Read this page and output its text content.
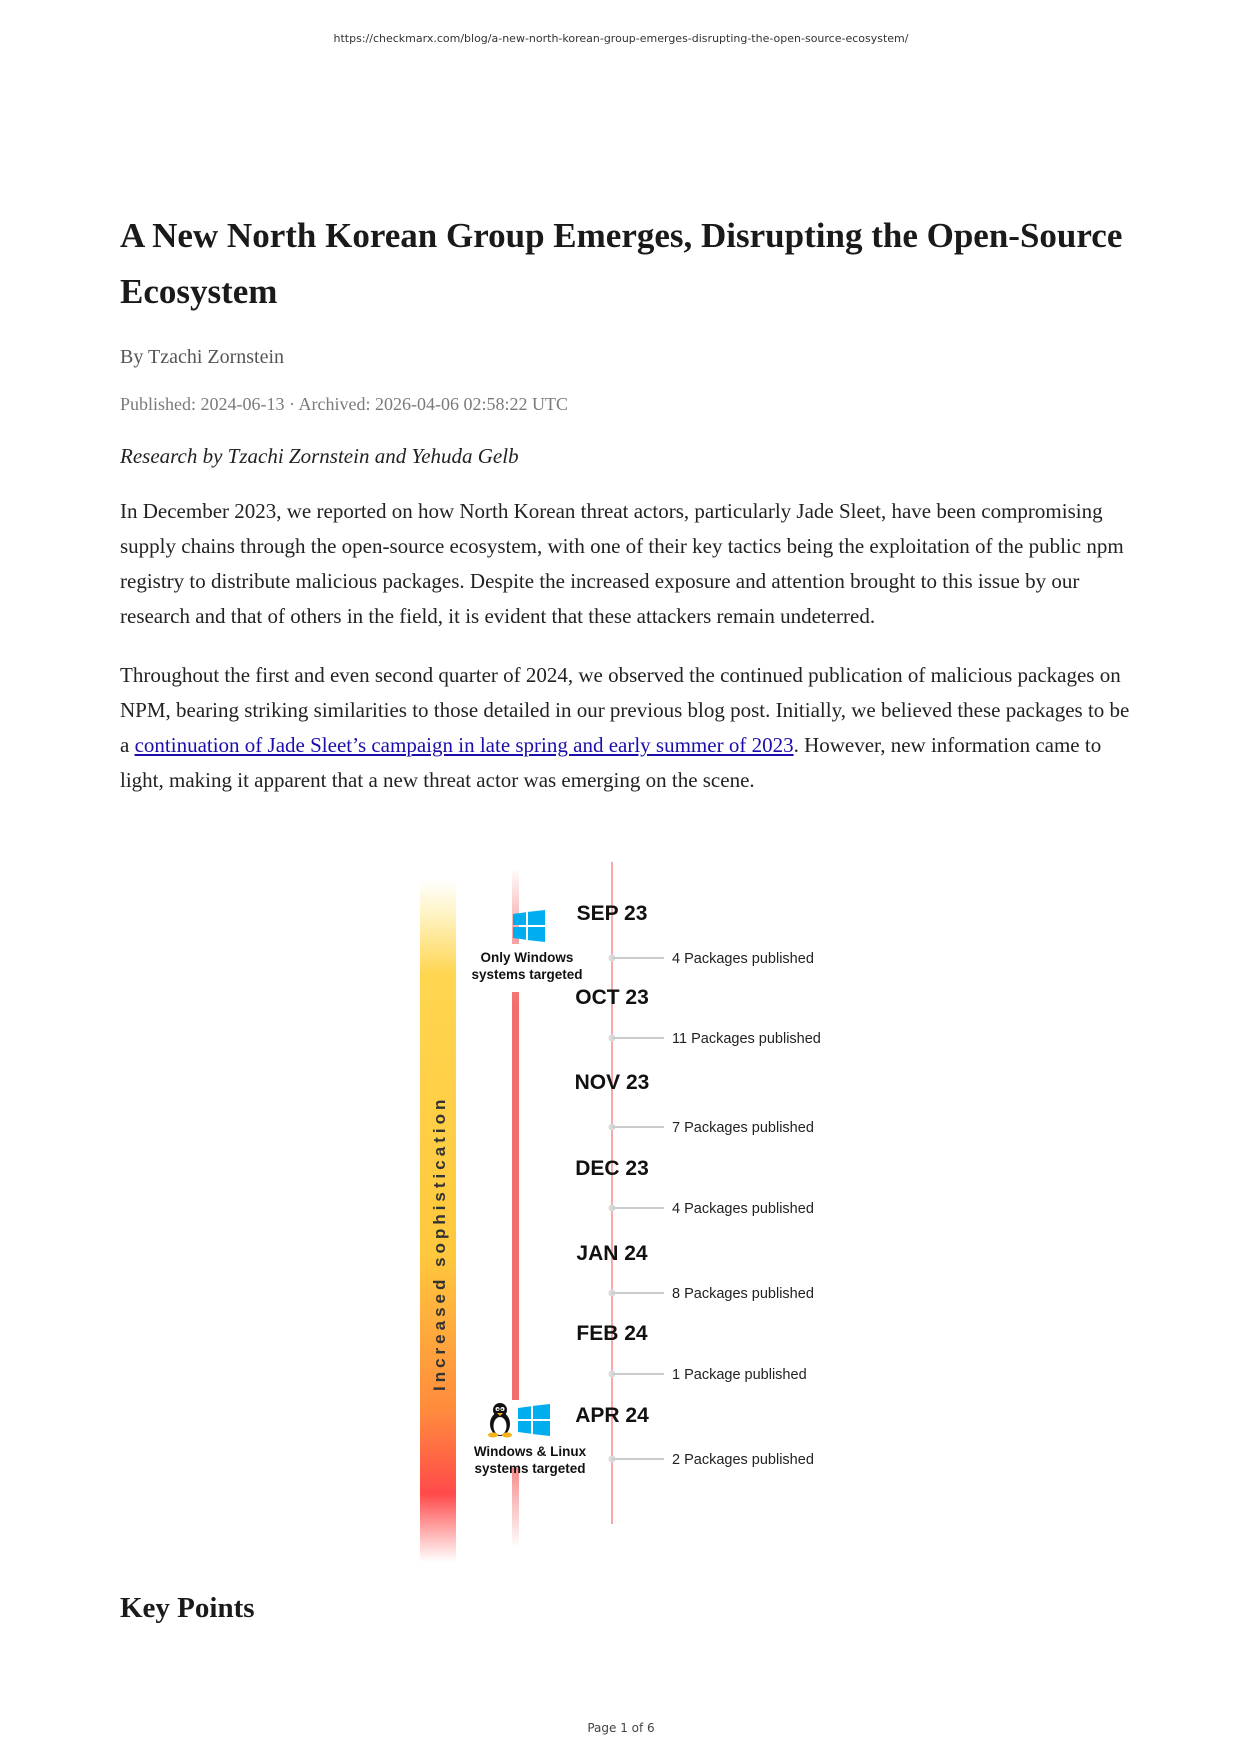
https://checkmarx.com/blog/a-new-north-korean-group-emerges-disrupting-the-open-source-ecosystem/
A New North Korean Group Emerges, Disrupting the Open-Source Ecosystem
By Tzachi Zornstein
Published: 2024-06-13 · Archived: 2026-04-06 02:58:22 UTC
Research by Tzachi Zornstein and Yehuda Gelb

In December 2023, we reported on how North Korean threat actors, particularly Jade Sleet, have been compromising supply chains through the open-source ecosystem, with one of their key tactics being the exploitation of the public npm registry to distribute malicious packages. Despite the increased exposure and attention brought to this issue by our research and that of others in the field, it is evident that these attackers remain undeterred.

Throughout the first and even second quarter of 2024, we observed the continued publication of malicious packages on NPM, bearing striking similarities to those detailed in our previous blog post. Initially, we believed these packages to be a continuation of Jade Sleet’s campaign in late spring and early summer of 2023. However, new information came to light, making it apparent that a new threat actor was emerging on the scene.

Increased sophistication
Only Windows
systems targeted
Windows & Linux
systems targeted
SEP 23
4 Packages published
OCT 23
11 Packages published
NOV 23
7 Packages published
DEC 23
4 Packages published
JAN 24
8 Packages published
FEB 24
1 Package published
APR 24
2 Packages published
Key Points
Page 1 of 6
